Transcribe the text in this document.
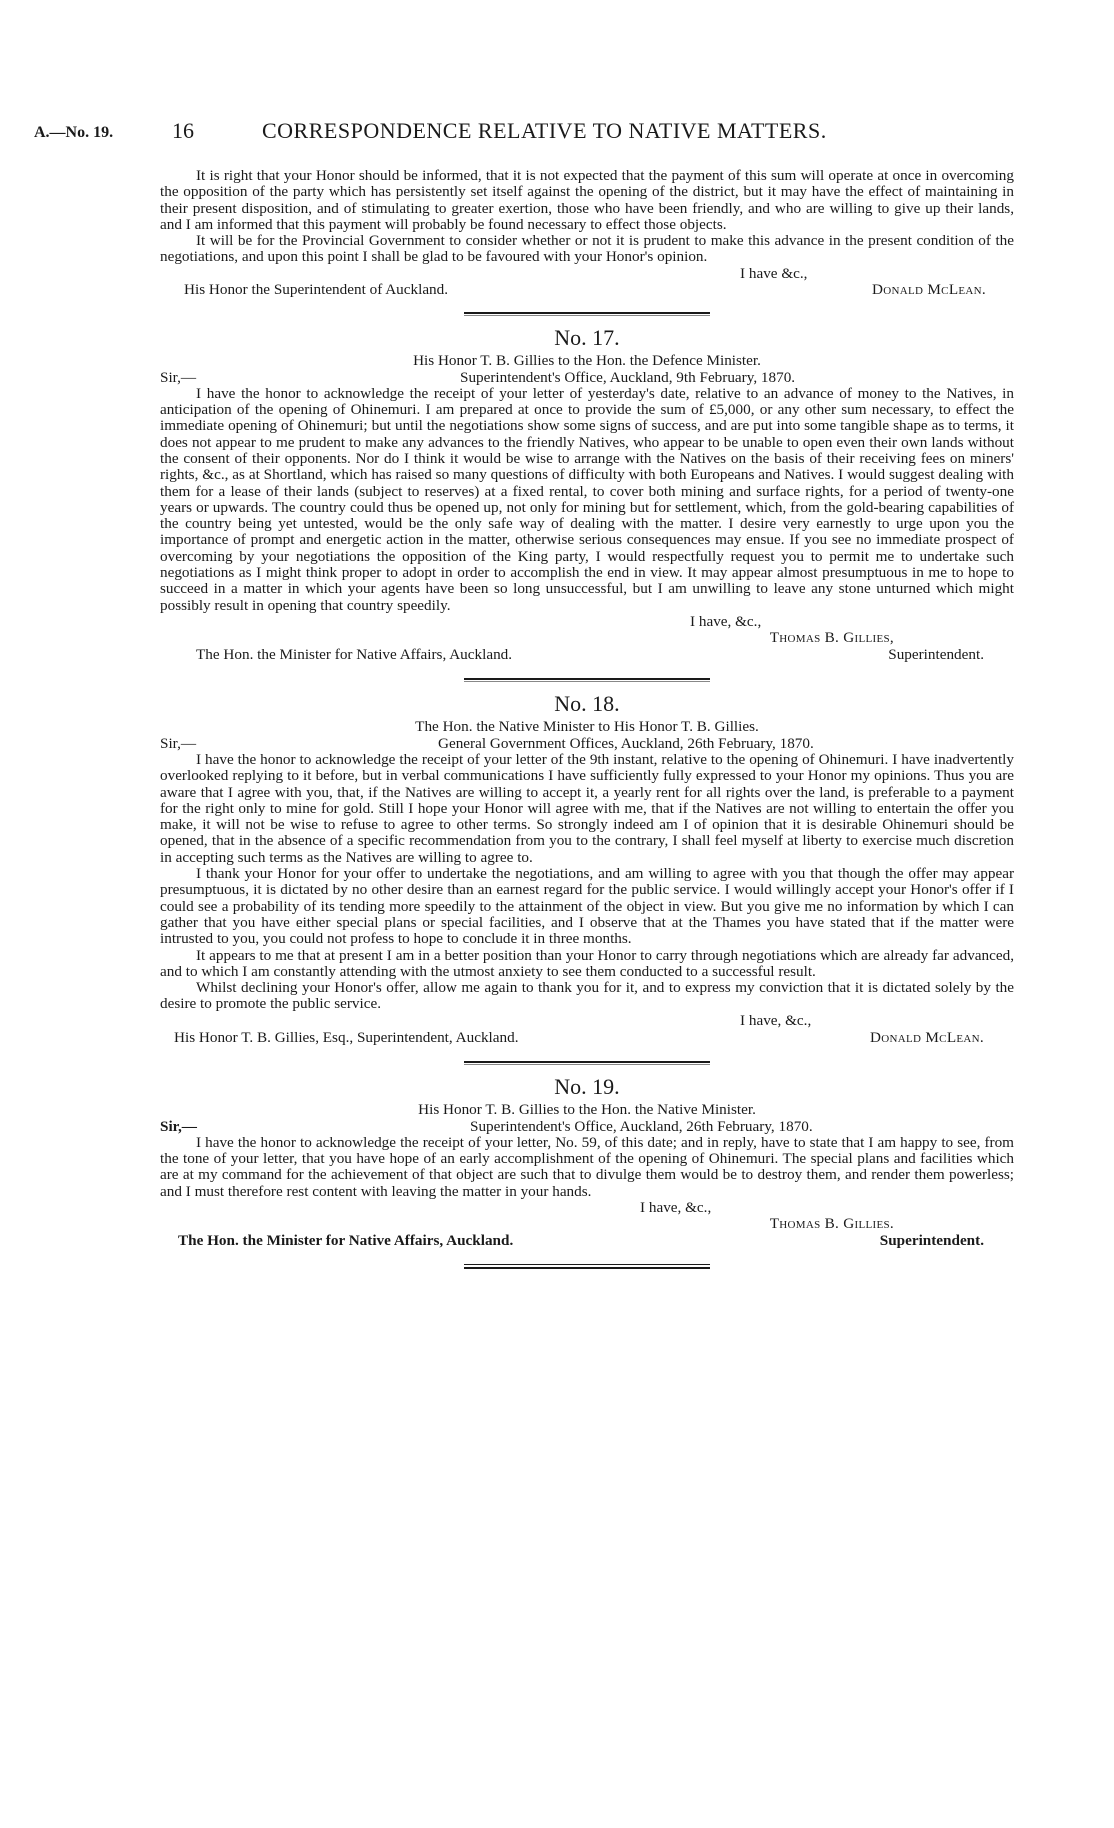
A.—No. 19.	16	CORRESPONDENCE RELATIVE TO NATIVE MATTERS.

It is right that your Honor should be informed, that it is not expected that the payment of this sum will operate at once in overcoming the opposition of the party which has persistently set itself against the opening of the district, but it may have the effect of maintaining in their present disposition, and of stimulating to greater exertion, those who have been friendly, and who are willing to give up their lands, and I am informed that this payment will probably be found necessary to effect those objects.

It will be for the Provincial Government to consider whether or not it is prudent to make this advance in the present condition of the negotiations, and upon this point I shall be glad to be favoured with your Honor's opinion.

I have &c.,
His Honor the Superintendent of Auckland.	Donald McLean.

No. 17.

His Honor T. B. Gillies to the Hon. the Defence Minister.

Sir,—	Superintendent's Office, Auckland, 9th February, 1870.

I have the honor to acknowledge the receipt of your letter of yesterday's date, relative to an advance of money to the Natives, in anticipation of the opening of Ohinemuri. I am prepared at once to provide the sum of £5,000, or any other sum necessary, to effect the immediate opening of Ohinemuri; but until the negotiations show some signs of success, and are put into some tangible shape as to terms, it does not appear to me prudent to make any advances to the friendly Natives, who appear to be unable to open even their own lands without the consent of their opponents. Nor do I think it would be wise to arrange with the Natives on the basis of their receiving fees on miners' rights, &c., as at Shortland, which has raised so many questions of difficulty with both Europeans and Natives. I would suggest dealing with them for a lease of their lands (subject to reserves) at a fixed rental, to cover both mining and surface rights, for a period of twenty-one years or upwards. The country could thus be opened up, not only for mining but for settlement, which, from the gold-bearing capabilities of the country being yet untested, would be the only safe way of dealing with the matter. I desire very earnestly to urge upon you the importance of prompt and energetic action in the matter, otherwise serious consequences may ensue. If you see no immediate prospect of overcoming by your negotiations the opposition of the King party, I would respectfully request you to permit me to undertake such negotiations as I might think proper to adopt in order to accomplish the end in view. It may appear almost presumptuous in me to hope to succeed in a matter in which your agents have been so long unsuccessful, but I am unwilling to leave any stone unturned which might possibly result in opening that country speedily.

I have, &c.,
Thomas B. Gillies,
The Hon. the Minister for Native Affairs, Auckland.	Superintendent.

No. 18.

The Hon. the Native Minister to His Honor T. B. Gillies.

Sir,—	General Government Offices, Auckland, 26th February, 1870.

I have the honor to acknowledge the receipt of your letter of the 9th instant, relative to the opening of Ohinemuri. I have inadvertently overlooked replying to it before, but in verbal communications I have sufficiently fully expressed to your Honor my opinions. Thus you are aware that I agree with you, that, if the Natives are willing to accept it, a yearly rent for all rights over the land, is preferable to a payment for the right only to mine for gold. Still I hope your Honor will agree with me, that if the Natives are not willing to entertain the offer you make, it will not be wise to refuse to agree to other terms. So strongly indeed am I of opinion that it is desirable Ohinemuri should be opened, that in the absence of a specific recommendation from you to the contrary, I shall feel myself at liberty to exercise much discretion in accepting such terms as the Natives are willing to agree to.

I thank your Honor for your offer to undertake the negotiations, and am willing to agree with you that though the offer may appear presumptuous, it is dictated by no other desire than an earnest regard for the public service. I would willingly accept your Honor's offer if I could see a probability of its tending more speedily to the attainment of the object in view. But you give me no information by which I can gather that you have either special plans or special facilities, and I observe that at the Thames you have stated that if the matter were intrusted to you, you could not profess to hope to conclude it in three months.

It appears to me that at present I am in a better position than your Honor to carry through negotiations which are already far advanced, and to which I am constantly attending with the utmost anxiety to see them conducted to a successful result.

Whilst declining your Honor's offer, allow me again to thank you for it, and to express my conviction that it is dictated solely by the desire to promote the public service.

I have, &c.,
His Honor T. B. Gillies, Esq., Superintendent, Auckland.	Donald McLean.

No. 19.

His Honor T. B. Gillies to the Hon. the Native Minister.

Sir,—	Superintendent's Office, Auckland, 26th February, 1870.

I have the honor to acknowledge the receipt of your letter, No. 59, of this date; and in reply, have to state that I am happy to see, from the tone of your letter, that you have hope of an early accomplishment of the opening of Ohinemuri. The special plans and facilities which are at my command for the achievement of that object are such that to divulge them would be to destroy them, and render them powerless; and I must therefore rest content with leaving the matter in your hands.

I have, &c.,
Thomas B. Gillies.
The Hon. the Minister for Native Affairs, Auckland.	Superintendent.
